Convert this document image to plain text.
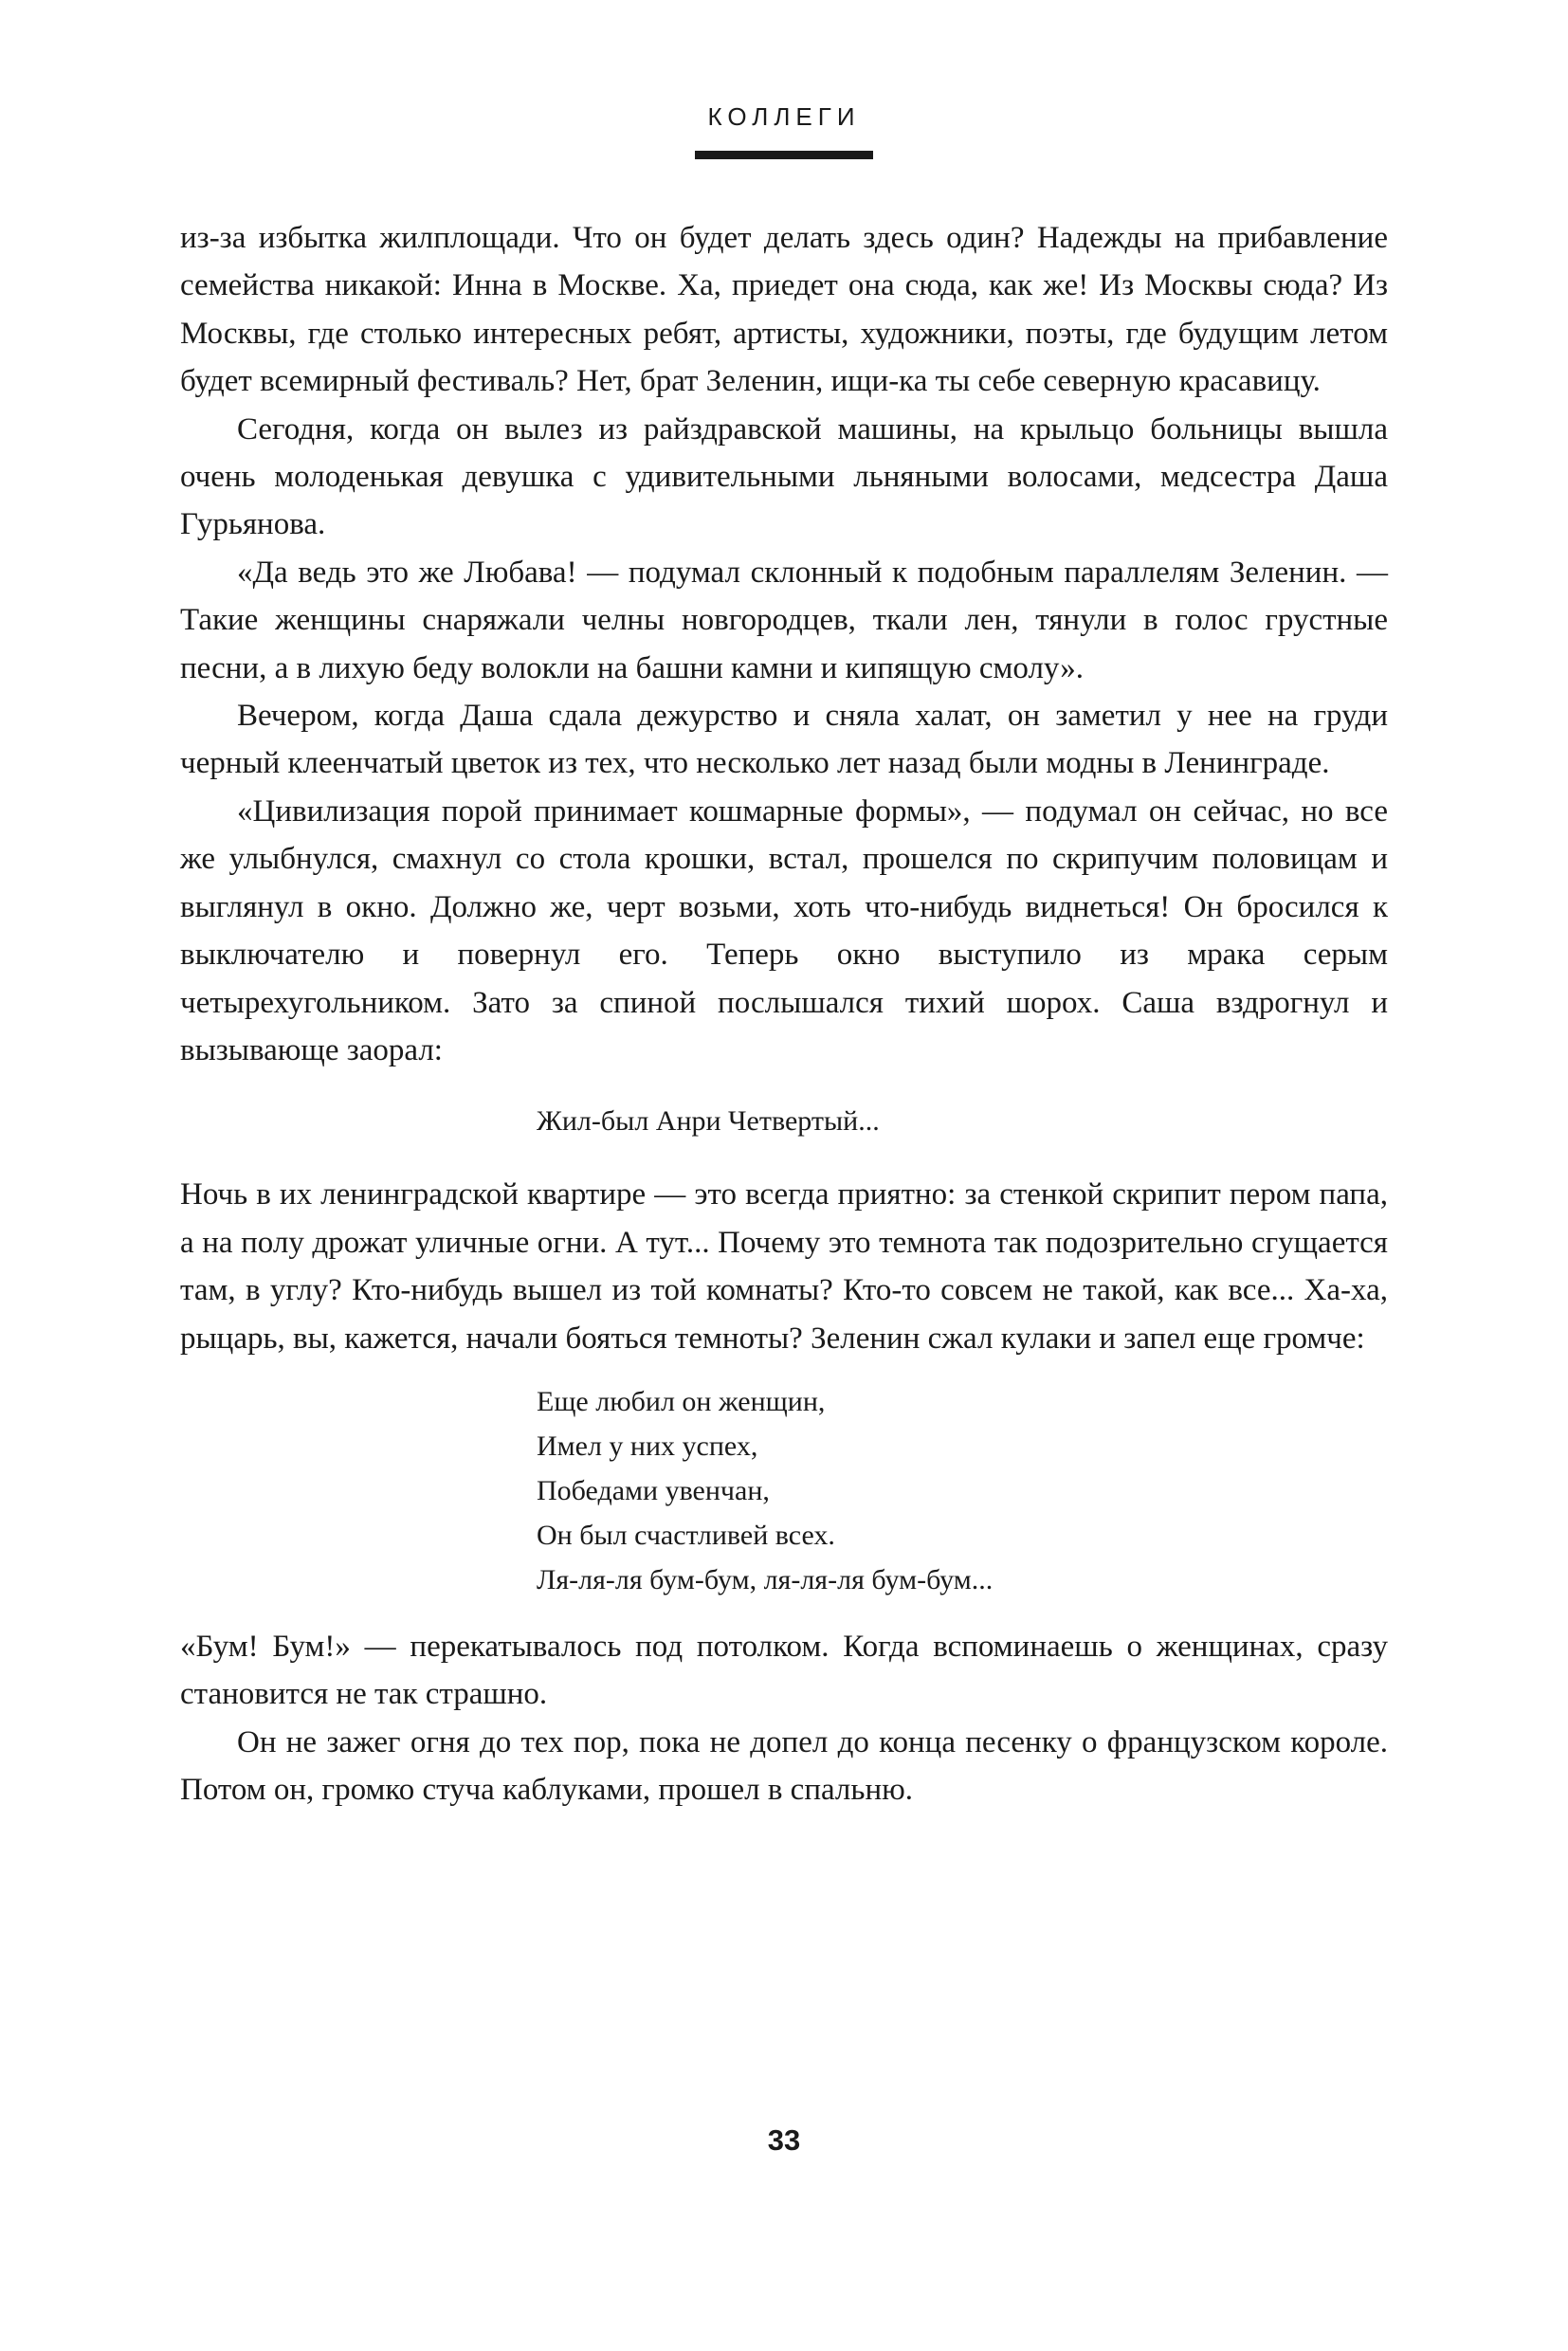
КОЛЛЕГИ

из-за избытка жилплощади. Что он будет делать здесь один? Надежды на прибавление семейства никакой: Инна в Москве. Ха, приедет она сюда, как же! Из Москвы сюда? Из Москвы, где столько интересных ребят, артисты, художники, поэты, где будущим летом будет всемирный фестиваль? Нет, брат Зеленин, ищи-ка ты себе северную красавицу.

Сегодня, когда он вылез из райздравской машины, на крыльцо больницы вышла очень молоденькая девушка с удивительными льняными волосами, медсестра Даша Гурьянова.

«Да ведь это же Любава! — подумал склонный к подобным параллелям Зеленин. — Такие женщины снаряжали челны новгородцев, ткали лен, тянули в голос грустные песни, а в лихую беду волокли на башни камни и кипящую смолу».

Вечером, когда Даша сдала дежурство и сняла халат, он заметил у нее на груди черный клеенчатый цветок из тех, что несколько лет назад были модны в Ленинграде.

«Цивилизация порой принимает кошмарные формы», — подумал он сейчас, но все же улыбнулся, смахнул со стола крошки, встал, прошелся по скрипучим половицам и выглянул в окно. Должно же, черт возьми, хоть что-нибудь виднеться! Он бросился к выключателю и повернул его. Теперь окно выступило из мрака серым четырехугольником. Зато за спиной послышался тихий шорох. Саша вздрогнул и вызывающе заорал:

Жил-был Анри Четвертый...

Ночь в их ленинградской квартире — это всегда приятно: за стенкой скрипит пером папа, а на полу дрожат уличные огни. А тут... Почему это темнота так подозрительно сгущается там, в углу? Кто-нибудь вышел из той комнаты? Кто-то совсем не такой, как все... Ха-ха, рыцарь, вы, кажется, начали бояться темноты? Зеленин сжал кулаки и запел еще громче:

Еще любил он женщин,
Имел у них успех,
Победами увенчан,
Он был счастливей всех.
Ля-ля-ля бум-бум, ля-ля-ля бум-бум...

«Бум! Бум!» — перекатывалось под потолком. Когда вспоминаешь о женщинах, сразу становится не так страшно.

Он не зажег огня до тех пор, пока не допел до конца песенку о французском короле. Потом он, громко стуча каблуками, прошел в спальню.

33
